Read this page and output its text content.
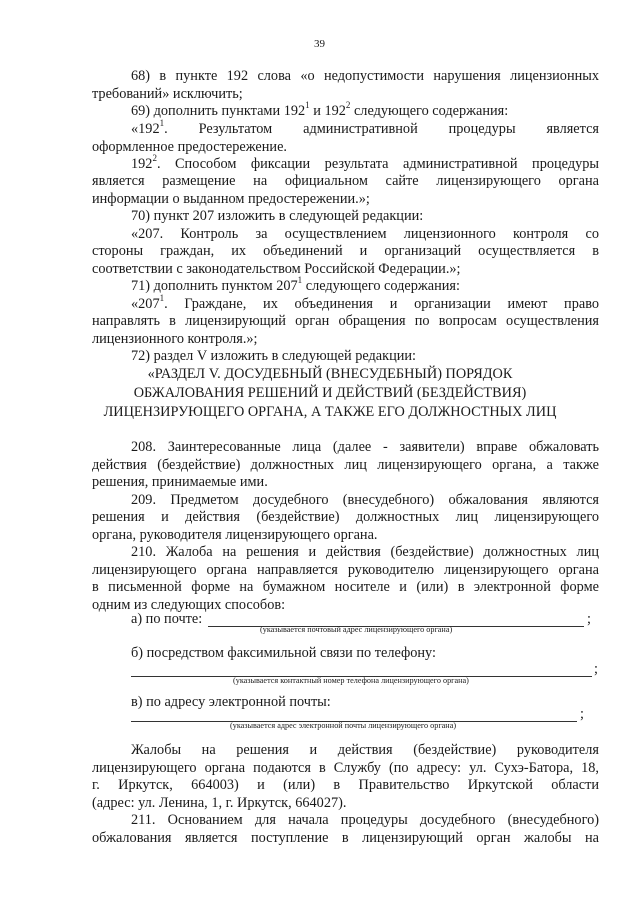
39
68) в пункте 192 слова «о недопустимости нарушения лицензионных
требований» исключить;
69) дополнить пунктами $192^1$ и $192^2$ следующего содержания:
«$192^1$. Результатом административной процедуры является
оформленное предостережение.
$192^2$. Способом фиксации результата административной процедуры
является размещение на официальном сайте лицензирующего органа
информации о выданном предостережении.»;
70) пункт 207 изложить в следующей редакции:
«207. Контроль за осуществлением лицензионного контроля со
стороны граждан, их объединений и организаций осуществляется в
соответствии с законодательством Российской Федерации.»;
71) дополнить пунктом $207^1$ следующего содержания:
«$207^1$. Граждане, их объединения и организации имеют право
направлять в лицензирующий орган обращения по вопросам осуществления
лицензионного контроля.»;
72) раздел V изложить в следующей редакции:
«РАЗДЕЛ V. ДОСУДЕБНЫЙ (ВНЕСУДЕБНЫЙ) ПОРЯДОК
ОБЖАЛОВАНИЯ РЕШЕНИЙ И ДЕЙСТВИЙ (БЕЗДЕЙСТВИЯ)
ЛИЦЕНЗИРУЮЩЕГО ОРГАНА, А ТАКЖЕ ЕГО ДОЛЖНОСТНЫХ ЛИЦ
208. Заинтересованные лица (далее - заявители) вправе обжаловать
действия (бездействие) должностных лиц лицензирующего органа, а также
решения, принимаемые ими.
209. Предметом досудебного (внесудебного) обжалования являются
решения и действия (бездействие) должностных лиц лицензирующего
органа, руководителя лицензирующего органа.
210. Жалоба на решения и действия (бездействие) должностных лиц
лицензирующего органа направляется руководителю лицензирующего органа
в письменной форме на бумажном носителе и (или) в электронной форме
одним из следующих способов:
а) по почте:	;
(указывается почтовый адрес лицензирующего органа)
б) посредством факсимильной связи по телефону:
;
(указывается контактный номер телефона лицензирующего органа)
в) по адресу электронной почты:
;
(указывается адрес электронной почты лицензирующего органа)
Жалобы на решения и действия (бездействие) руководителя
лицензирующего органа подаются в Службу (по адресу: ул. Сухэ-Батора, 18,
г. Иркутск, 664003) и (или) в Правительство Иркутской области
(адрес: ул. Ленина, 1, г. Иркутск, 664027).
211. Основанием для начала процедуры досудебного (внесудебного)
обжалования является поступление в лицензирующий орган жалобы на
